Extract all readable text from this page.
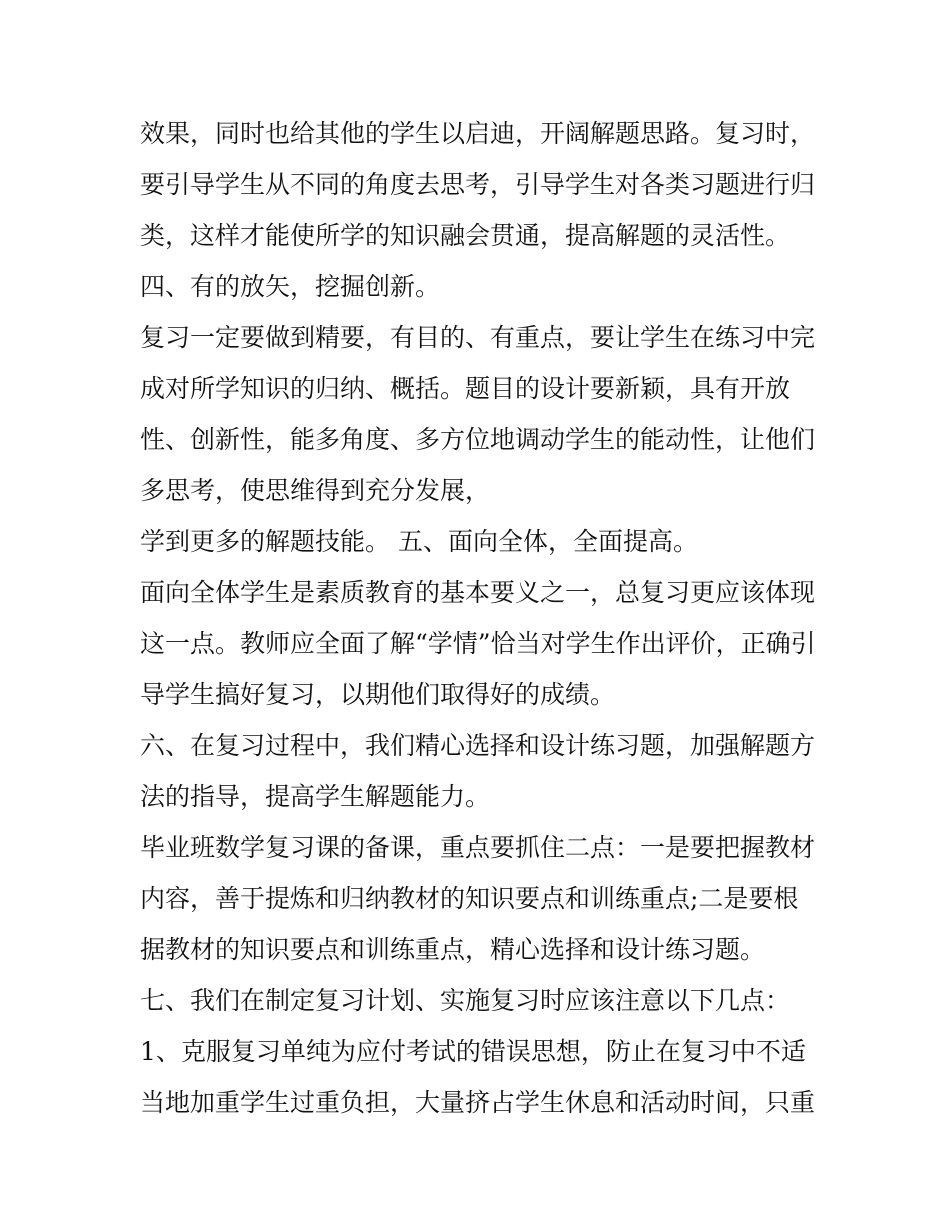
效果，同时也给其他的学生以启迪，开阔解题思路。复习时，
要引导学生从不同的角度去思考，引导学生对各类习题进行归
类，这样才能使所学的知识融会贯通，提高解题的灵活性。
四、有的放矢，挖掘创新。
复习一定要做到精要，有目的、有重点，要让学生在练习中完
成对所学知识的归纳、概括。题目的设计要新颖，具有开放
性、创新性，能多角度、多方位地调动学生的能动性，让他们
多思考，使思维得到充分发展，
学到更多的解题技能。 五、面向全体，全面提高。
面向全体学生是素质教育的基本要义之一，总复习更应该体现
这一点。教师应全面了解“学情”恰当对学生作出评价，正确引
导学生搞好复习，以期他们取得好的成绩。
六、在复习过程中，我们精心选择和设计练习题，加强解题方
法的指导，提高学生解题能力。
毕业班数学复习课的备课，重点要抓住二点：一是要把握教材
内容，善于提炼和归纳教材的知识要点和训练重点;二是要根
据教材的知识要点和训练重点，精心选择和设计练习题。
七、我们在制定复习计划、实施复习时应该注意以下几点：
1、克服复习单纯为应付考试的错误思想，防止在复习中不适
当地加重学生过重负担，大量挤占学生休息和活动时间，只重
